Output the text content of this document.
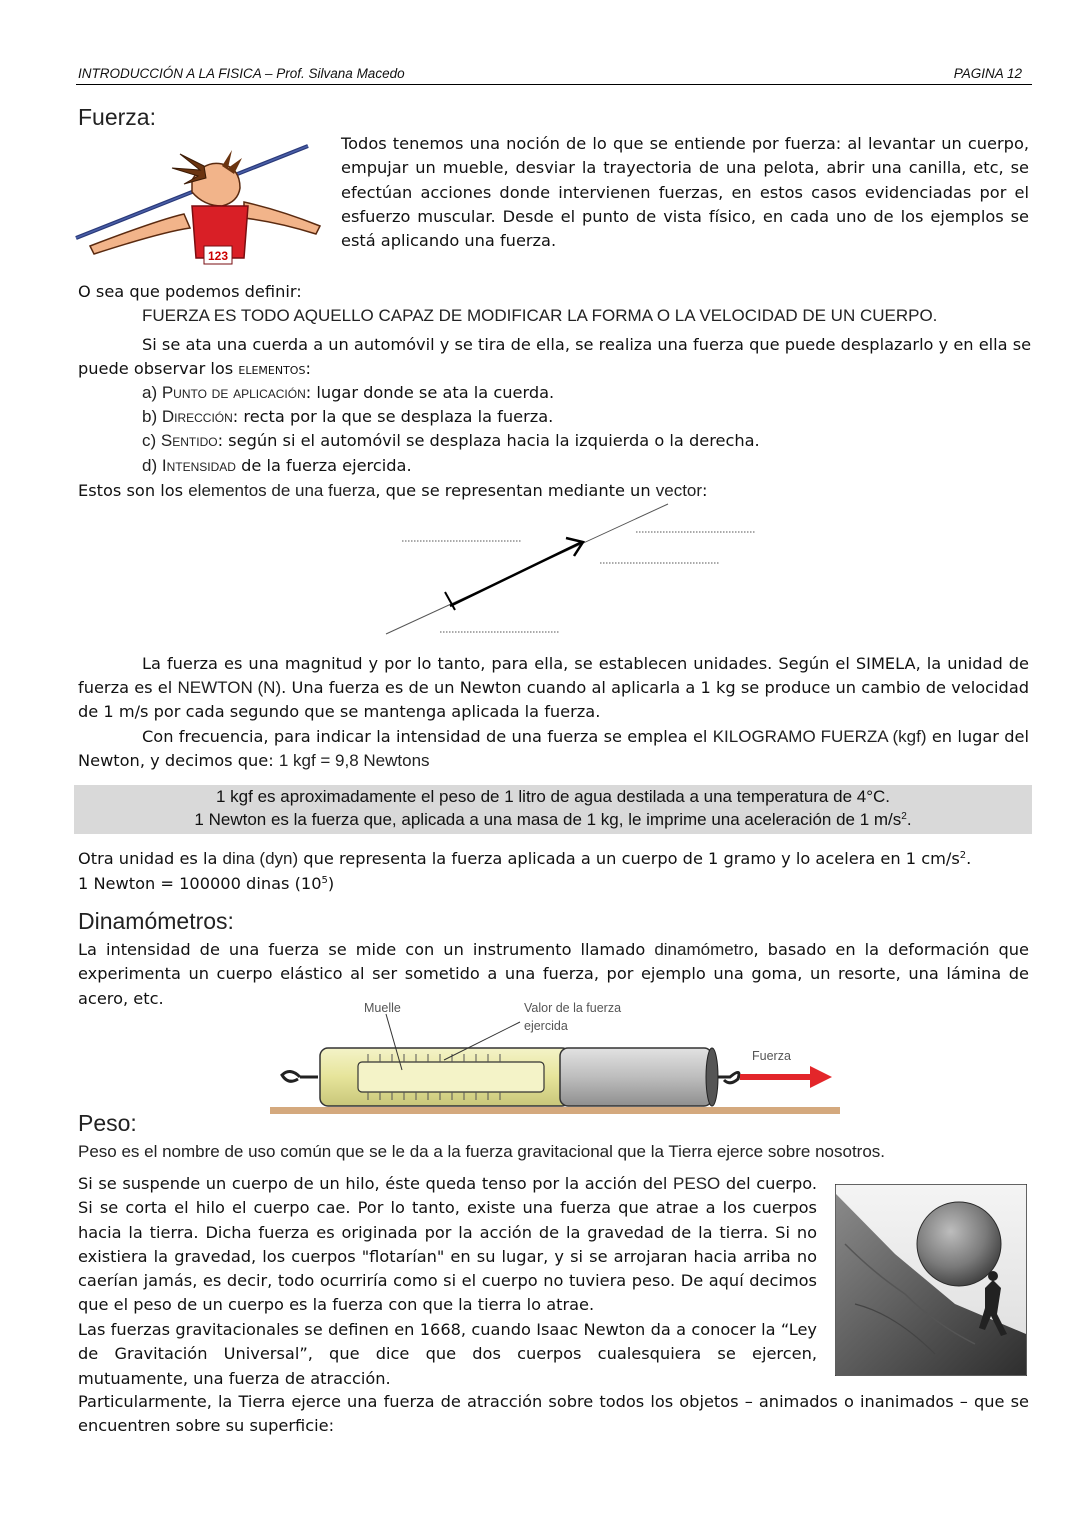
INTRODUCCIÓN A LA FISICA – Prof. Silvana Macedo	PAGINA 12
Fuerza:
123
Todos tenemos una noción de lo que se entiende por fuerza: al levantar un cuerpo, empujar un mueble, desviar la trayectoria de una pelota, abrir una canilla, etc, se efectúan acciones donde intervienen fuerzas, en estos casos evidenciadas por el esfuerzo muscular. Desde el punto de vista físico, en cada uno de los ejemplos se está aplicando una fuerza.
O sea que podemos definir:
FUERZA ES TODO AQUELLO CAPAZ DE MODIFICAR LA FORMA O LA VELOCIDAD DE UN CUERPO.
Si se ata una cuerda a un automóvil y se tira de ella, se realiza una fuerza que puede desplazarlo y en ella se
puede observar los elementos:
a) Punto de aplicación: lugar donde se ata la cuerda.
b) Dirección: recta por la que se desplaza la fuerza.
c) Sentido: según si el automóvil se desplaza hacia la izquierda o la derecha.
d) Intensidad de la fuerza ejercida.
Estos son los elementos de una fuerza, que se representan mediante un vector:
La fuerza es una magnitud y por lo tanto, para ella, se establecen unidades. Según el SIMELA, la unidad de
fuerza es el NEWTON (N). Una fuerza es de un Newton cuando al aplicarla a 1 kg se produce un cambio de velocidad
de 1 m/s por cada segundo que se mantenga aplicada la fuerza.
Con frecuencia, para indicar la intensidad de una fuerza se emplea el KILOGRAMO FUERZA (kgf) en lugar del
Newton, y decimos que: 1 kgf = 9,8 Newtons
1 kgf es aproximadamente el peso de 1 litro de agua destilada a una temperatura de 4°C.
1 Newton es la fuerza que, aplicada a una masa de 1 kg, le imprime una aceleración de 1 $m/s^2$.
Otra unidad es la dina (dyn) que representa la fuerza aplicada a un cuerpo de 1 gramo y lo acelera en 1 $cm/s^2$.
1 Newton = 100000 dinas $(10^5)$
Dinamómetros:
La intensidad de una fuerza se mide con un instrumento llamado dinamómetro, basado en la deformación que experimenta un cuerpo elástico al ser sometido a una fuerza, por ejemplo una goma, un resorte, una lámina de acero, etc.
Muelle	Valor de la fuerza
ejercida
Fuerza
Peso:
Peso es el nombre de uso común que se le da a la fuerza gravitacional que la Tierra ejerce sobre nosotros.
Si se suspende un cuerpo de un hilo, éste queda tenso por la acción del PESO del cuerpo. Si se corta el hilo el cuerpo cae. Por lo tanto, existe una fuerza que atrae a los cuerpos hacia la tierra. Dicha fuerza es originada por la acción de la gravedad de la tierra. Si no existiera la gravedad, los cuerpos "flotarían" en su lugar, y si se arrojaran hacia arriba no caerían jamás, es decir, todo ocurriría como si el cuerpo no tuviera peso. De aquí decimos que el peso de un cuerpo es la fuerza con que la tierra lo atrae.
Las fuerzas gravitacionales se definen en 1668, cuando Isaac Newton da a conocer la “Ley de Gravitación Universal”, que dice que dos cuerpos cualesquiera se ejercen, mutuamente, una fuerza de atracción.
Particularmente, la Tierra ejerce una fuerza de atracción sobre todos los objetos – animados o inanimados – que se encuentren sobre su superficie:
